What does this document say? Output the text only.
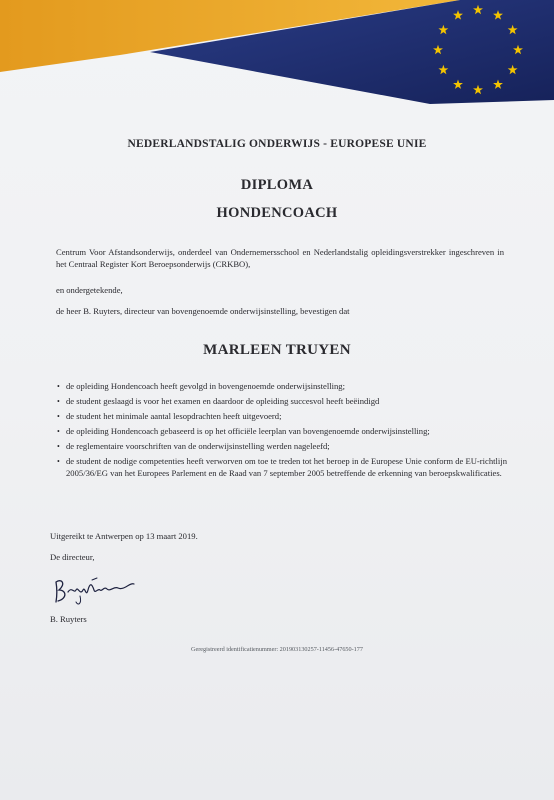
NEDERLANDSTALIG ONDERWIJS - EUROPESE UNIE
DIPLOMA
HONDENCOACH
Centrum Voor Afstandsonderwijs, onderdeel van Ondernemersschool en Nederlandstalig opleidingsverstrekker ingeschreven in het Centraal Register Kort Beroepsonderwijs (CRKBO),
en ondergetekende,
de heer B. Ruyters, directeur van bovengenoemde onderwijsinstelling, bevestigen dat
MARLEEN TRUYEN
• de opleiding Hondencoach heeft gevolgd in bovengenoemde onderwijsinstelling;
• de student geslaagd is voor het examen en daardoor de opleiding succesvol heeft beëindigd
• de student het minimale aantal lesopdrachten heeft uitgevoerd;
• de opleiding Hondencoach gebaseerd is op het officiële leerplan van bovengenoemde onderwijsinstelling;
• de reglementaire voorschriften van de onderwijsinstelling werden nageleefd;
• de student de nodige competenties heeft verworven om toe te treden tot het beroep in de Europese Unie conform de EU-richtlijn 2005/36/EG van het Europees Parlement en de Raad van 7 september 2005 betreffende de erkenning van beroepskwalificaties.
Uitgereikt te Antwerpen op 13 maart 2019.
De directeur,
B. Ruyters
Geregistreerd identificatienummer: 201903130257-11456-47650-177
